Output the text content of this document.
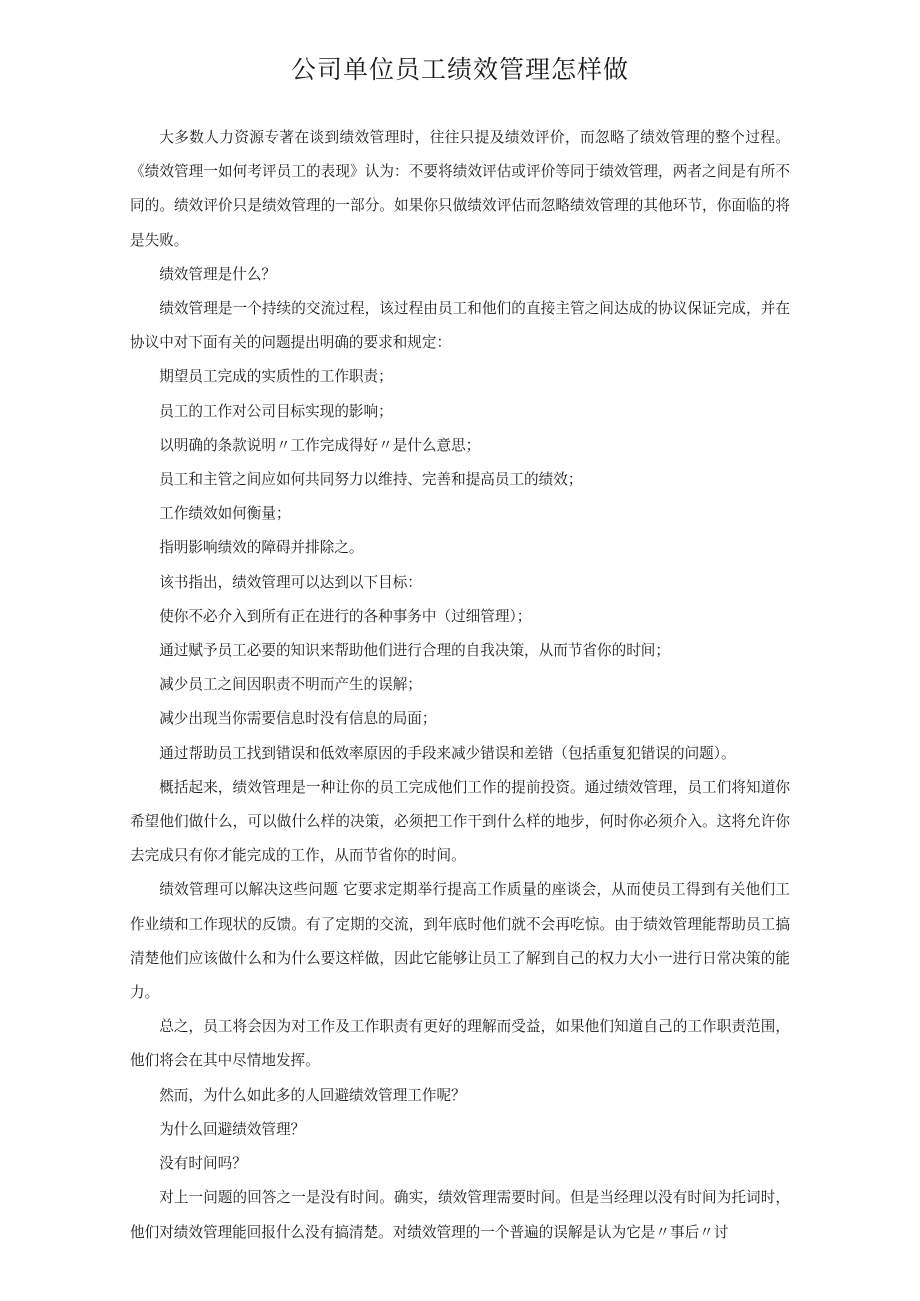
公司单位员工绩效管理怎样做

大多数人力资源专著在谈到绩效管理时，往往只提及绩效评价，而忽略了绩效管理的整个过程。《绩效管理一如何考评员工的表现》认为：不要将绩效评估或评价等同于绩效管理，两者之间是有所不同的。绩效评价只是绩效管理的一部分。如果你只做绩效评估而忽略绩效管理的其他环节，你面临的将是失败。

绩效管理是什么？

绩效管理是一个持续的交流过程，该过程由员工和他们的直接主管之间达成的协议保证完成，并在协议中对下面有关的问题提出明确的要求和规定：

期望员工完成的实质性的工作职责；

员工的工作对公司目标实现的影响；

以明确的条款说明〃工作完成得好〃是什么意思；

员工和主管之间应如何共同努力以维持、完善和提高员工的绩效；

工作绩效如何衡量；

指明影响绩效的障碍并排除之。

该书指出，绩效管理可以达到以下目标：

使你不必介入到所有正在进行的各种事务中（过细管理）；

通过赋予员工必要的知识来帮助他们进行合理的自我决策，从而节省你的时间；

减少员工之间因职责不明而产生的误解；

减少出现当你需要信息时没有信息的局面；

通过帮助员工找到错误和低效率原因的手段来减少错误和差错（包括重复犯错误的问题）。

概括起来，绩效管理是一种让你的员工完成他们工作的提前投资。通过绩效管理，员工们将知道你希望他们做什么，可以做什么样的决策，必须把工作干到什么样的地步，何时你必须介入。这将允许你去完成只有你才能完成的工作，从而节省你的时间。

绩效管理可以解决这些问题 它要求定期举行提高工作质量的座谈会，从而使员工得到有关他们工作业绩和工作现状的反馈。有了定期的交流，到年底时他们就不会再吃惊。由于绩效管理能帮助员工搞清楚他们应该做什么和为什么要这样做，因此它能够让员工了解到自己的权力大小一进行日常决策的能力。

总之，员工将会因为对工作及工作职责有更好的理解而受益，如果他们知道自己的工作职责范围，他们将会在其中尽情地发挥。

然而，为什么如此多的人回避绩效管理工作呢？

为什么回避绩效管理？

没有时间吗？

对上一问题的回答之一是没有时间。确实，绩效管理需要时间。但是当经理以没有时间为托词时，他们对绩效管理能回报什么没有搞清楚。对绩效管理的一个普遍的误解是认为它是〃事后〃讨
